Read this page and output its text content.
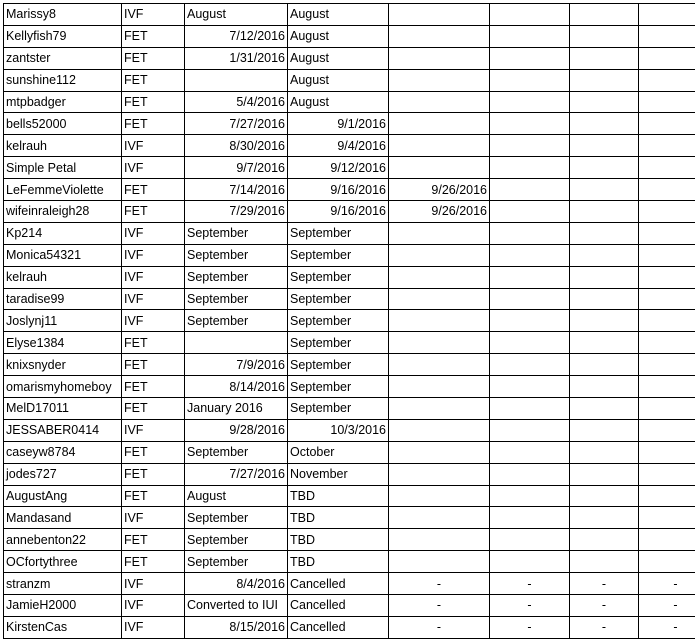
Marissy8	IVF	August	August				
Kellyfish79	FET	7/12/2016	August				
zantster	FET	1/31/2016	August				
sunshine112	FET		August				
mtpbadger	FET	5/4/2016	August				
bells52000	FET	7/27/2016	9/1/2016				
kelrauh	IVF	8/30/2016	9/4/2016				
Simple Petal	IVF	9/7/2016	9/12/2016				
LeFemmeViolette	FET	7/14/2016	9/16/2016	9/26/2016			
wifeinraleigh28	FET	7/29/2016	9/16/2016	9/26/2016			
Kp214	IVF	September	September				
Monica54321	IVF	September	September				
kelrauh	IVF	September	September				
taradise99	IVF	September	September				
Joslynj11	IVF	September	September				
Elyse1384	FET		September				
knixsnyder	FET	7/9/2016	September				
omarismyhomeboy	FET	8/14/2016	September				
MelD17011	FET	January 2016	September				
JESSABER0414	IVF	9/28/2016	10/3/2016				
caseyw8784	FET	September	October				
jodes727	FET	7/27/2016	November				
AugustAng	FET	August	TBD				
Mandasand	IVF	September	TBD				
annebenton22	FET	September	TBD				
OCfortythree	FET	September	TBD				
stranzm	IVF	8/4/2016	Cancelled	-	-	-	-
JamieH2000	IVF	Converted to IUI	Cancelled	-	-	-	-
KirstenCas	IVF	8/15/2016	Cancelled	-	-	-	-
